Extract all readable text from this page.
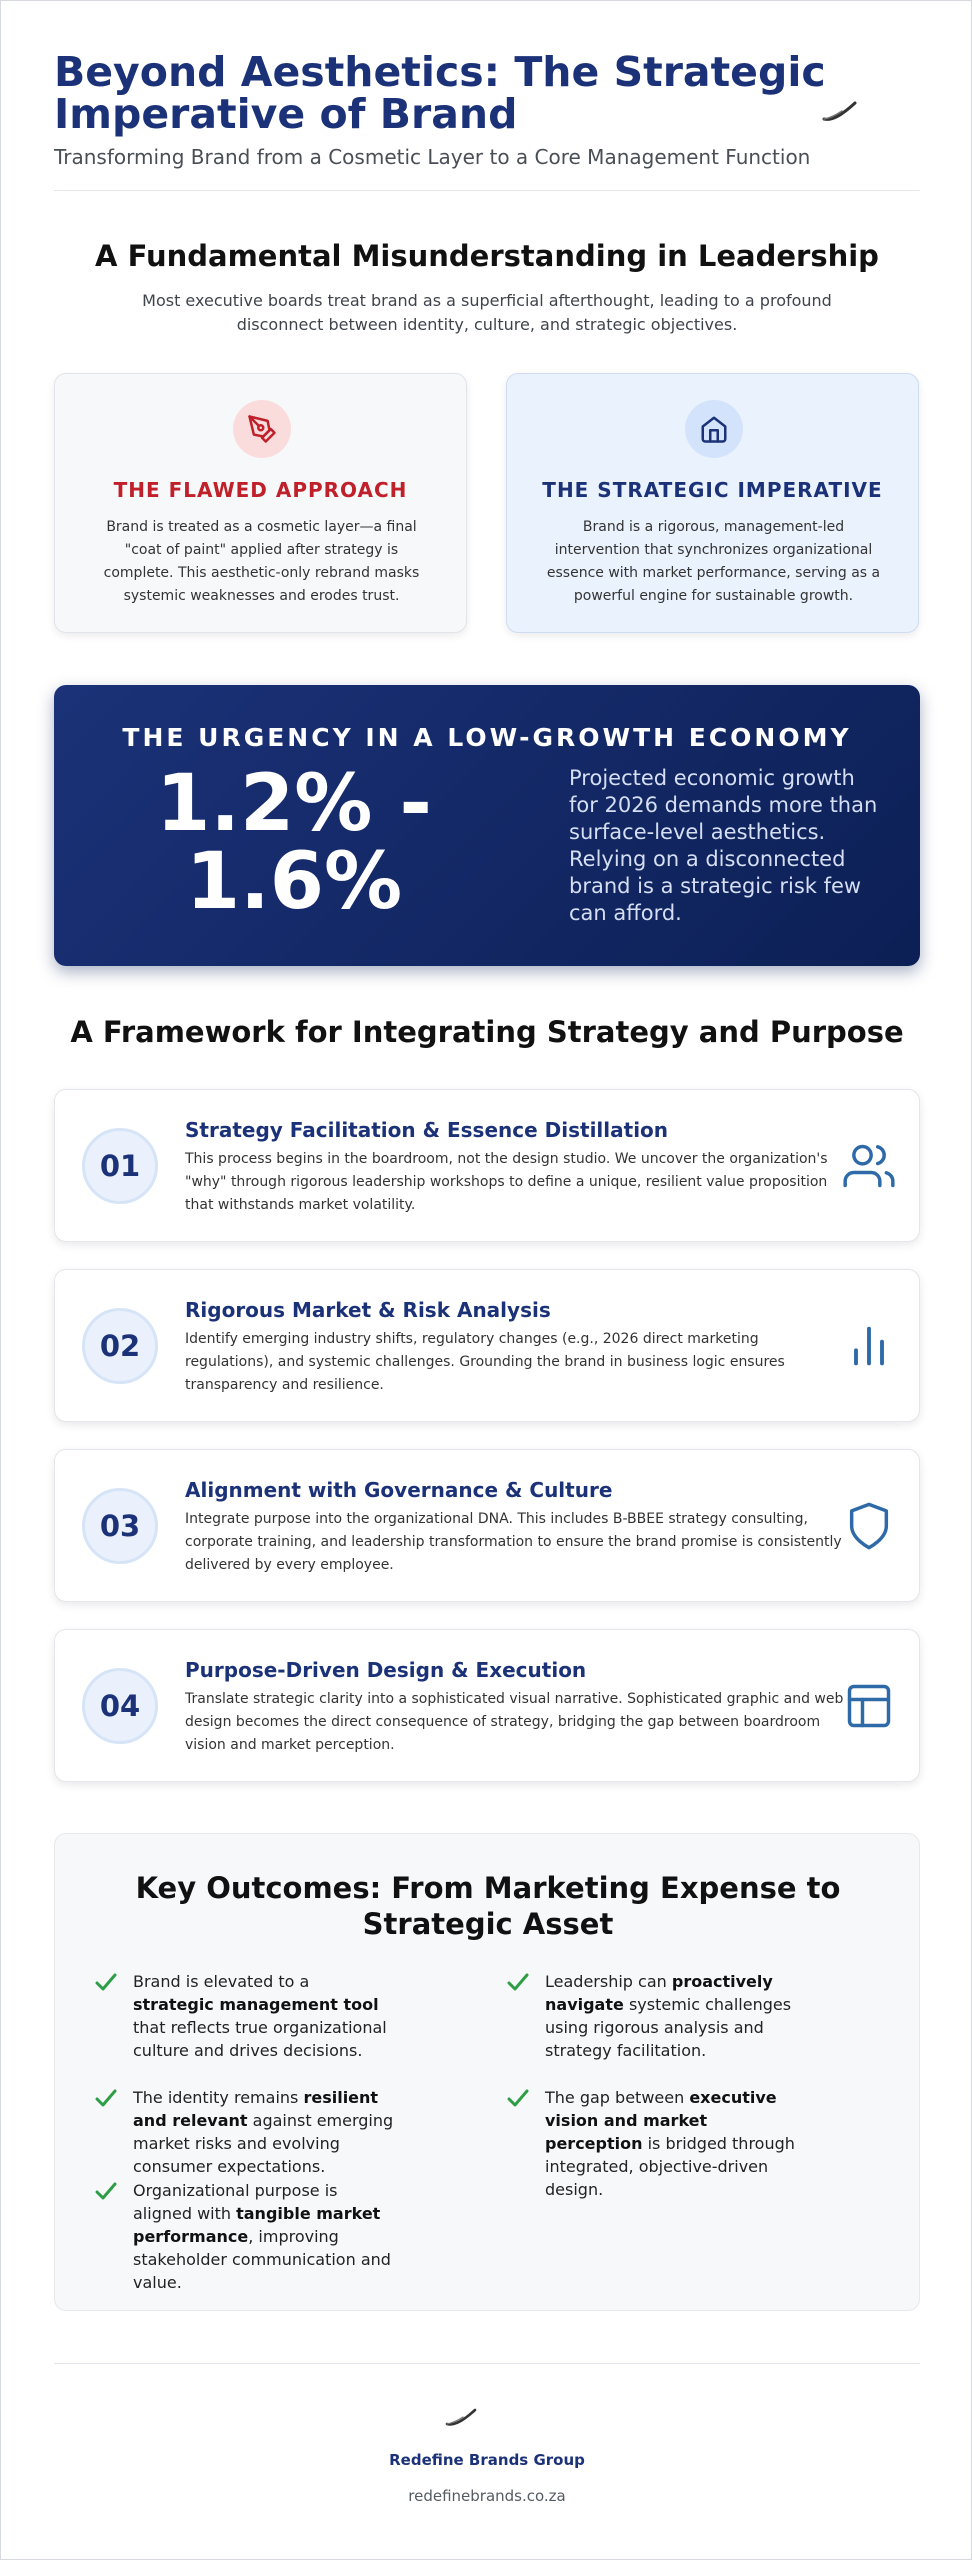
Beyond Aesthetics: The Strategic Imperative of Brand
Transforming Brand from a Cosmetic Layer to a Core Management Function
A Fundamental Misunderstanding in Leadership
Most executive boards treat brand as a superficial afterthought, leading to a profound disconnect between identity, culture, and strategic objectives.
THE FLAWED APPROACH

Brand is treated as a cosmetic layer—a final "coat of paint" applied after strategy is complete. This aesthetic-only rebrand masks systemic weaknesses and erodes trust.

THE STRATEGIC IMPERATIVE

Brand is a rigorous, management-led intervention that synchronizes organizational essence with market performance, serving as a powerful engine for sustainable growth.

THE URGENCY IN A LOW-GROWTH ECONOMY
1.2% -
1.6%
Projected economic growth for 2026 demands more than surface-level aesthetics. Relying on a disconnected brand is a strategic risk few can afford.
A Framework for Integrating Strategy and Purpose
01
Strategy Facilitation & Essence Distillation

This process begins in the boardroom, not the design studio. We uncover the organization's "why" through rigorous leadership workshops to define a unique, resilient value proposition that withstands market volatility.

02
Rigorous Market & Risk Analysis

Identify emerging industry shifts, regulatory changes (e.g., 2026 direct marketing regulations), and systemic challenges. Grounding the brand in business logic ensures transparency and resilience.

03
Alignment with Governance & Culture

Integrate purpose into the organizational DNA. This includes B-BBEE strategy consulting, corporate training, and leadership transformation to ensure the brand promise is consistently delivered by every employee.

04
Purpose-Driven Design & Execution

Translate strategic clarity into a sophisticated visual narrative. Sophisticated graphic and web design becomes the direct consequence of strategy, bridging the gap between boardroom vision and market perception.

Key Outcomes: From Marketing Expense to Strategic Asset
Brand is elevated to a strategic management tool that reflects true organizational culture and drives decisions.
Leadership can proactively navigate systemic challenges using rigorous analysis and strategy facilitation.
The identity remains resilient and relevant against emerging market risks and evolving consumer expectations.
The gap between executive vision and market perception is bridged through integrated, objective-driven design.
Organizational purpose is aligned with tangible market performance, improving stakeholder communication and value.
Redefine Brands Group
redefinebrands.co.za
